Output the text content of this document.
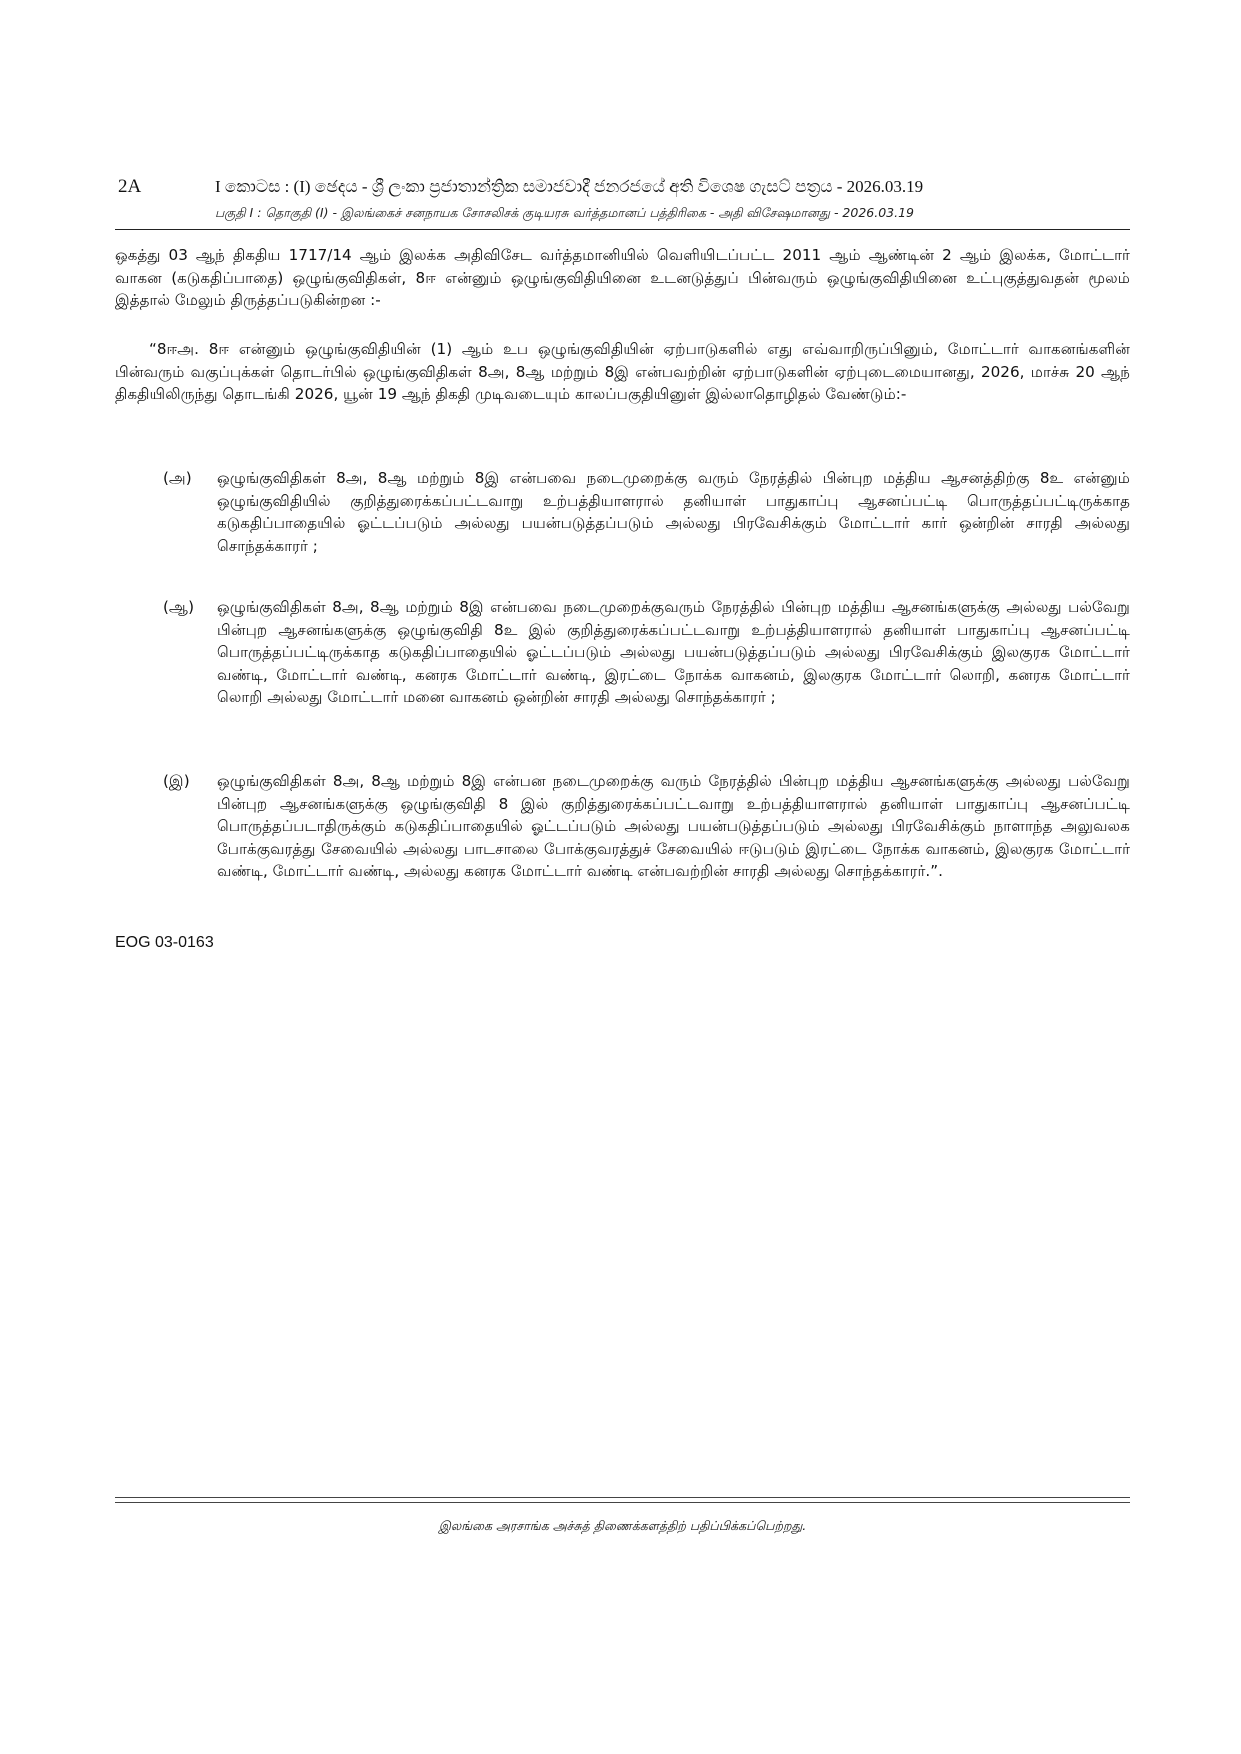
2A	I කොටස : (I) ඡෙදය - ශ්‍රී ලංකා ප්‍රජාතාන්ත්‍රික සමාජවාදී ජනරජයේ අති විශෙෂ ගැසට් පත්‍රය - 2026.03.19
பகுதி I : தொகுதி (I) - இலங்கைச் சனநாயக சோசலிசக் குடியரசு வர்த்தமானப் பத்திரிகை - அதி விசேஷமானது - 2026.03.19

ஒகத்து 03 ஆந் திகதிய 1717/14 ஆம் இலக்க அதிவிசேட வர்த்தமானியில் வெளியிடப்பட்ட 2011 ஆம் ஆண்டின் 2 ஆம் இலக்க, மோட்டார் வாகன (கடுகதிப்பாதை) ஒழுங்குவிதிகள், 8ஈ என்னும் ஒழுங்குவிதியினை உடனடுத்துப் பின்வரும் ஒழுங்குவிதியினை உட்புகுத்துவதன் மூலம் இத்தால் மேலும் திருத்தப்படுகின்றன :-

“8ஈஅ. 8ஈ என்னும் ஒழுங்குவிதியின் (1) ஆம் உப ஒழுங்குவிதியின் ஏற்பாடுகளில் எது எவ்வாறிருப்பினும், மோட்டார் வாகனங்களின் பின்வரும் வகுப்புக்கள் தொடர்பில் ஒழுங்குவிதிகள் 8அ, 8ஆ மற்றும் 8இ என்பவற்றின் ஏற்பாடுகளின் ஏற்புடைமையானது, 2026, மாச்சு 20 ஆந் திகதியிலிருந்து தொடங்கி 2026, யூன் 19 ஆந் திகதி முடிவடையும் காலப்பகுதியினுள் இல்லாதொழிதல் வேண்டும்:-

(அ)	ஒழுங்குவிதிகள் 8அ, 8ஆ மற்றும் 8இ என்பவை நடைமுறைக்கு வரும் நேரத்தில் பின்புற மத்திய ஆசனத்திற்கு 8உ என்னும் ஒழுங்குவிதியில் குறித்துரைக்கப்பட்டவாறு உற்பத்தியாளரால் தனியாள் பாதுகாப்பு ஆசனப்பட்டி பொருத்தப்பட்டிருக்காத கடுகதிப்பாதையில் ஓட்டப்படும் அல்லது பயன்படுத்தப்படும் அல்லது பிரவேசிக்கும் மோட்டார் கார் ஒன்றின் சாரதி அல்லது சொந்தக்காரர் ;
(ஆ)	ஒழுங்குவிதிகள் 8அ, 8ஆ மற்றும் 8இ என்பவை நடைமுறைக்குவரும் நேரத்தில் பின்புற மத்திய ஆசனங்களுக்கு அல்லது பல்வேறு பின்புற ஆசனங்களுக்கு ஒழுங்குவிதி 8உ இல் குறித்துரைக்கப்பட்டவாறு உற்பத்தியாளரால் தனியாள் பாதுகாப்பு ஆசனப்பட்டி பொருத்தப்பட்டிருக்காத கடுகதிப்பாதையில் ஓட்டப்படும் அல்லது பயன்படுத்தப்படும் அல்லது பிரவேசிக்கும் இலகுரக மோட்டார் வண்டி, மோட்டார் வண்டி, கனரக மோட்டார் வண்டி, இரட்டை நோக்க வாகனம், இலகுரக மோட்டார் லொறி, கனரக மோட்டார் லொறி அல்லது மோட்டார் மனை வாகனம் ஒன்றின் சாரதி அல்லது சொந்தக்காரர் ;
(இ)	ஒழுங்குவிதிகள் 8அ, 8ஆ மற்றும் 8இ என்பன நடைமுறைக்கு வரும் நேரத்தில் பின்புற மத்திய ஆசனங்களுக்கு அல்லது பல்வேறு பின்புற ஆசனங்களுக்கு ஒழுங்குவிதி 8 இல் குறித்துரைக்கப்பட்டவாறு உற்பத்தியாளரால் தனியாள் பாதுகாப்பு ஆசனப்பட்டி பொருத்தப்படாதிருக்கும் கடுகதிப்பாதையில் ஓட்டப்படும் அல்லது பயன்படுத்தப்படும் அல்லது பிரவேசிக்கும் நாளாந்த அலுவலக போக்குவரத்து சேவையில் அல்லது பாடசாலை போக்குவரத்துச் சேவையில் ஈடுபடும் இரட்டை நோக்க வாகனம், இலகுரக மோட்டார் வண்டி, மோட்டார் வண்டி, அல்லது கனரக மோட்டார் வண்டி என்பவற்றின் சாரதி அல்லது சொந்தக்காரர்.”.
EOG 03-0163
இலங்கை அரசாங்க அச்சுத் திணைக்களத்திற் பதிப்பிக்கப்பெற்றது.
